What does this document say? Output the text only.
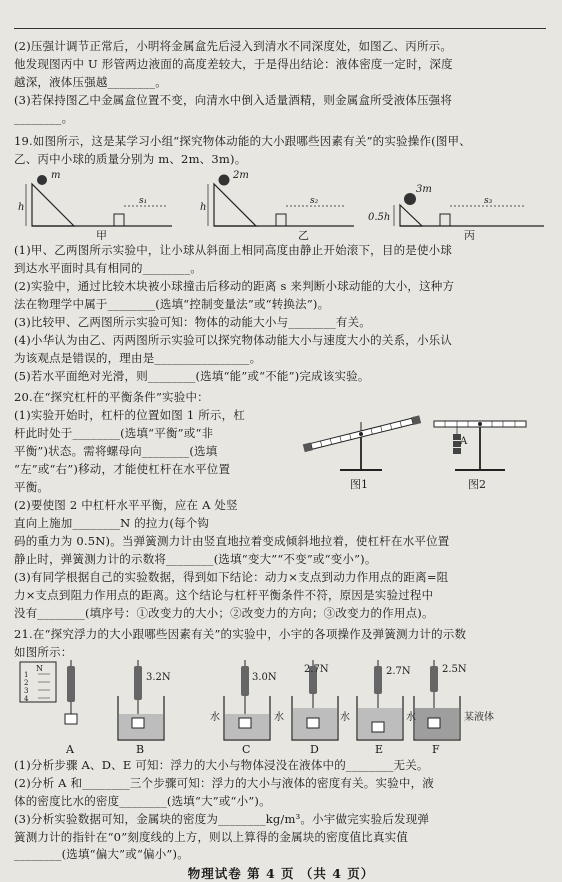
(2)压强计调节正常后，小明将金属盒先后浸入到清水不同深度处，如图乙、丙所示。
他发现图丙中 U 形管两边液面的高度差较大，于是得出结论：液体密度一定时，深度
越深，液体压强越________。
(3)若保持图乙中金属盒位置不变，向清水中倒入适量酒精，则金属盒所受液体压强将
________。
19.如图所示，这是某学习小组“探究物体动能的大小跟哪些因素有关”的实验操作(图甲、
乙、丙中小球的质量分别为 m、2m、3m)。
m
h
s₁
甲
2m
h
s₂
乙
3m
0.5h
s₃
丙
(1)甲、乙两图所示实验中，让小球从斜面上相同高度由静止开始滚下，目的是使小球
到达水平面时具有相同的________。
(2)实验中，通过比较木块被小球撞击后移动的距离 s 来判断小球动能的大小，这种方
法在物理学中属于________(选填“控制变量法”或“转换法”)。
(3)比较甲、乙两图所示实验可知：物体的动能大小与________有关。
(4)小华认为由乙、丙两图所示实验可以探究物体动能大小与速度大小的关系，小乐认
为该观点是错误的，理由是________________。
(5)若水平面绝对光滑，则________(选填“能”或“不能”)完成该实验。
20.在“探究杠杆的平衡条件”实验中：
(1)实验开始时，杠杆的位置如图 1 所示，杠
杆此时处于________(选填“平衡”或“非
平衡”)状态。需将螺母向________(选填
“左”或“右”)移动，才能使杠杆在水平位置
平衡。
(2)要使图 2 中杠杆水平平衡，应在 A 处竖
直向上施加________N 的拉力(每个钩
图1
A
图2
码的重力为 0.5N)。当弹簧测力计由竖直地拉着变成倾斜地拉着，使杠杆在水平位置
静止时，弹簧测力计的示数将________(选填“变大”“不变”或“变小”)。
(3)有同学根据自己的实验数据，得到如下结论：动力×支点到动力作用点的距离=阻
力×支点到阻力作用点的距离。这个结论与杠杆平衡条件不符，原因是实验过程中
没有________(填序号：①改变力的大小；②改变力的方向；③改变力的作用点)。
21.在“探究浮力的大小跟哪些因素有关”的实验中，小宇的各项操作及弹簧测力计的示数
如图所示：
N
1
2
3
4
3.2N	3.0N
2.7N	2.7N	2.5N
水	水	水	水	某液体
A	B	C	D	E	F
(1)分析步骤 A、D、E 可知：浮力的大小与物体浸没在液体中的________无关。
(2)分析 A 和________三个步骤可知：浮力的大小与液体的密度有关。实验中，液
体的密度比水的密度________(选填“大”或“小”)。
(3)分析实验数据可知，金属块的密度为________kg/m³。小宇做完实验后发现弹
簧测力计的指针在“0”刻度线的上方，则以上算得的金属块的密度值比真实值
________(选填“偏大”或“偏小”)。
物理试卷 第 4 页 （共 4 页）
